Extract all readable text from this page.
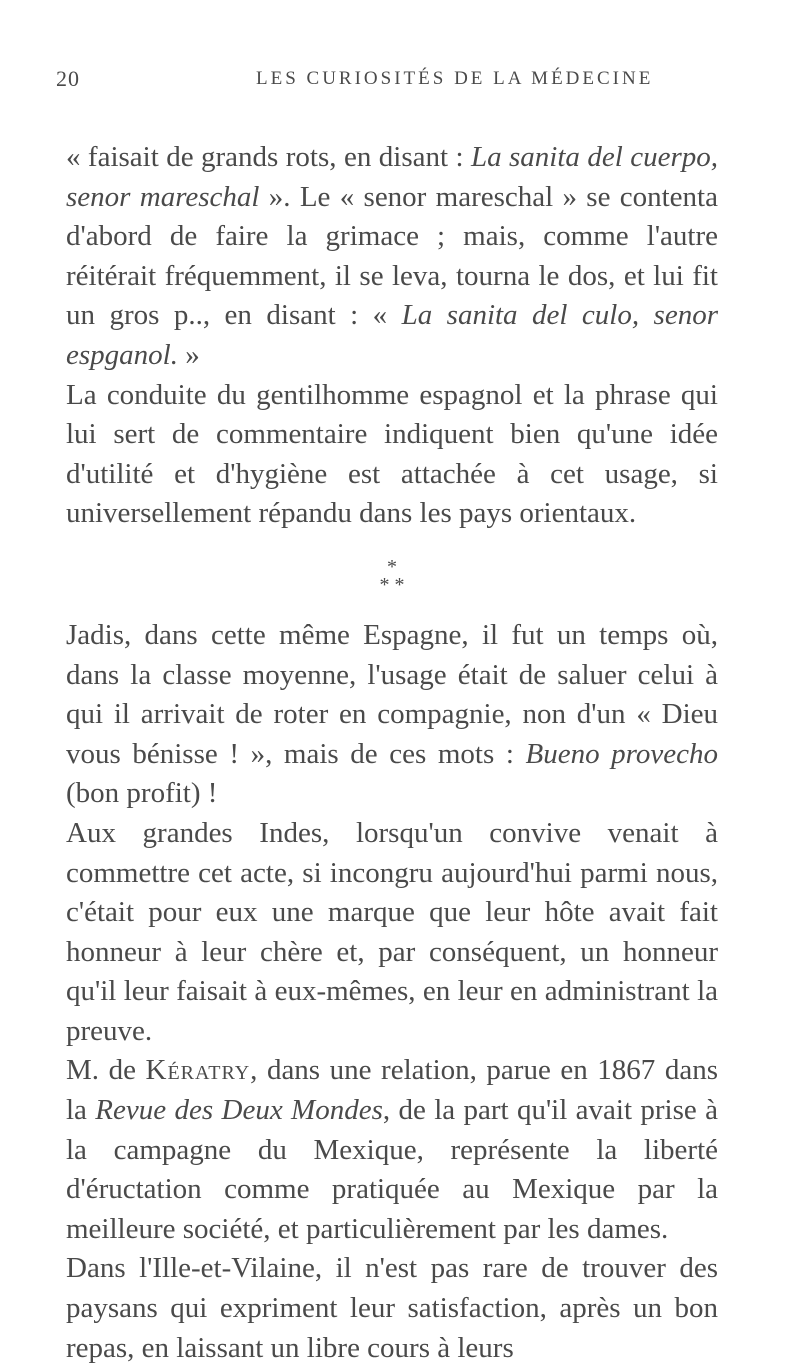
20	LES CURIOSITÉS DE LA MÉDECINE

« faisait de grands rots, en disant : La sanita del cuerpo, senor mareschal ». Le « senor mareschal » se contenta d'abord de faire la grimace ; mais, comme l'autre réitérait fréquemment, il se leva, tourna le dos, et lui fit un gros p.., en disant : « La sanita del culo, senor espganol. »

La conduite du gentilhomme espagnol et la phrase qui lui sert de commentaire indiquent bien qu'une idée d'utilité et d'hygiène est attachée à cet usage, si universellement répandu dans les pays orientaux.

*
* *

Jadis, dans cette même Espagne, il fut un temps où, dans la classe moyenne, l'usage était de saluer celui à qui il arrivait de roter en compagnie, non d'un « Dieu vous bénisse ! », mais de ces mots : Bueno provecho (bon profit) !

Aux grandes Indes, lorsqu'un convive venait à commettre cet acte, si incongru aujourd'hui parmi nous, c'était pour eux une marque que leur hôte avait fait honneur à leur chère et, par conséquent, un honneur qu'il leur faisait à eux-mêmes, en leur en administrant la preuve.

M. de Kératry, dans une relation, parue en 1867 dans la Revue des Deux Mondes, de la part qu'il avait prise à la campagne du Mexique, représente la liberté d'éructation comme pratiquée au Mexique par la meilleure société, et particulièrement par les dames.

Dans l'Ille-et-Vilaine, il n'est pas rare de trouver des paysans qui expriment leur satisfaction, après un bon repas, en laissant un libre cours à leurs
